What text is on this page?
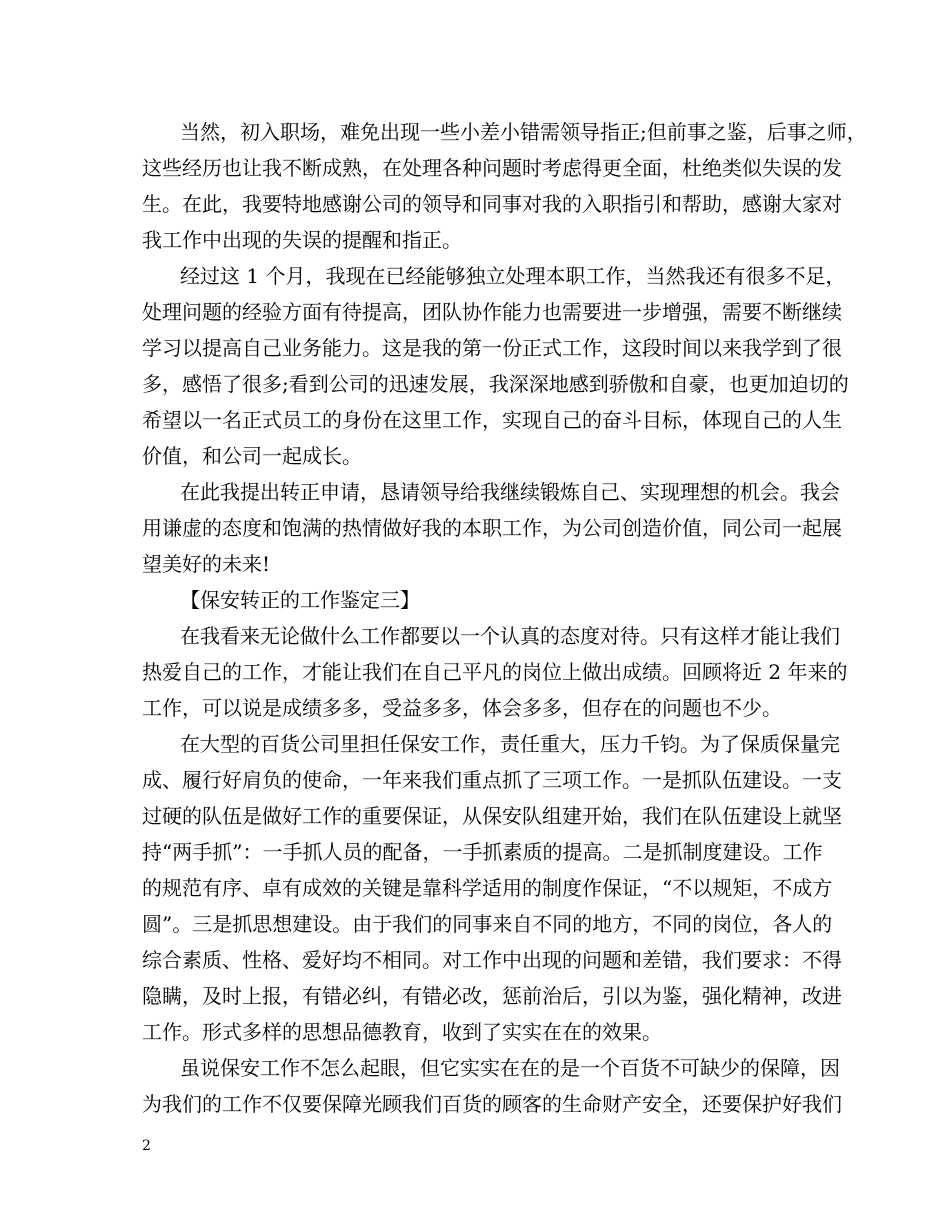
当然，初入职场，难免出现一些小差小错需领导指正;但前事之鉴，后事之师，
这些经历也让我不断成熟，在处理各种问题时考虑得更全面，杜绝类似失误的发
生。在此，我要特地感谢公司的领导和同事对我的入职指引和帮助，感谢大家对
我工作中出现的失误的提醒和指正。
经过这 1 个月，我现在已经能够独立处理本职工作，当然我还有很多不足，
处理问题的经验方面有待提高，团队协作能力也需要进一步增强，需要不断继续
学习以提高自己业务能力。这是我的第一份正式工作，这段时间以来我学到了很
多，感悟了很多;看到公司的迅速发展，我深深地感到骄傲和自豪，也更加迫切的
希望以一名正式员工的身份在这里工作，实现自己的奋斗目标，体现自己的人生
价值，和公司一起成长。
在此我提出转正申请，恳请领导给我继续锻炼自己、实现理想的机会。我会
用谦虚的态度和饱满的热情做好我的本职工作，为公司创造价值，同公司一起展
望美好的未来!
【保安转正的工作鉴定三】
在我看来无论做什么工作都要以一个认真的态度对待。只有这样才能让我们
热爱自己的工作，才能让我们在自己平凡的岗位上做出成绩。回顾将近 2 年来的
工作，可以说是成绩多多，受益多多，体会多多，但存在的问题也不少。
在大型的百货公司里担任保安工作，责任重大，压力千钧。为了保质保量完
成、履行好肩负的使命，一年来我们重点抓了三项工作。一是抓队伍建设。一支
过硬的队伍是做好工作的重要保证，从保安队组建开始，我们在队伍建设上就坚
持“两手抓”：一手抓人员的配备，一手抓素质的提高。二是抓制度建设。工作
的规范有序、卓有成效的关键是靠科学适用的制度作保证，“不以规矩，不成方
圆”。三是抓思想建设。由于我们的同事来自不同的地方，不同的岗位，各人的
综合素质、性格、爱好均不相同。对工作中出现的问题和差错，我们要求：不得
隐瞒，及时上报，有错必纠，有错必改，惩前治后，引以为鉴，强化精神，改进
工作。形式多样的思想品德教育，收到了实实在在的效果。
虽说保安工作不怎么起眼，但它实实在在的是一个百货不可缺少的保障，因
为我们的工作不仅要保障光顾我们百货的顾客的生命财产安全，还要保护好我们
2
